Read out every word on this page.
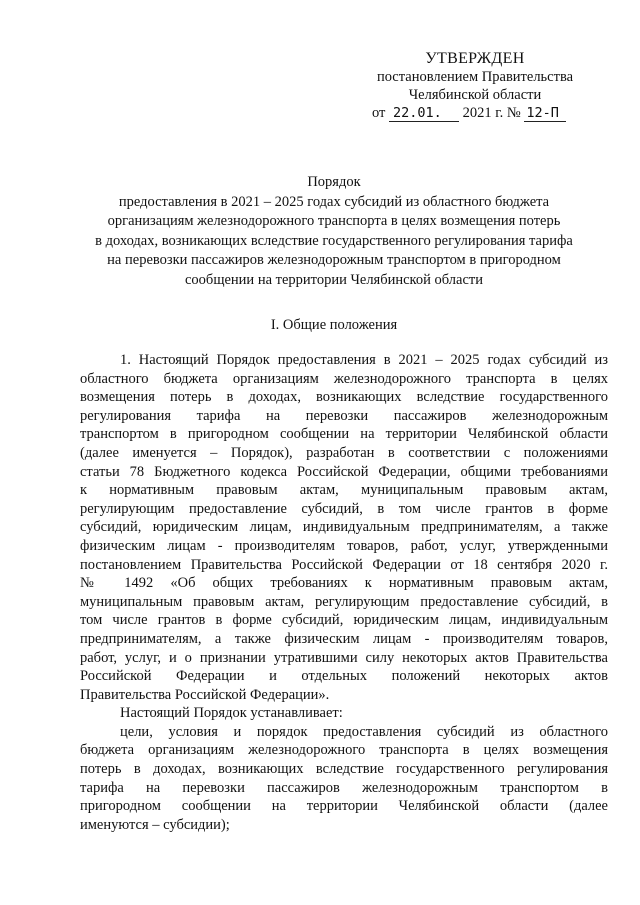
УТВЕРЖДЕН
постановлением Правительства
Челябинской области
от 22.01. 2021 г. № 12-П
Порядок
предоставления в 2021 – 2025 годах субсидий из областного бюджета
организациям железнодорожного транспорта в целях возмещения потерь
в доходах, возникающих вследствие государственного регулирования тарифа
на перевозки пассажиров железнодорожным транспортом в пригородном
сообщении на территории Челябинской области
I. Общие положения
1. Настоящий Порядок предоставления в 2021 – 2025 годах субсидий из
областного бюджета организациям железнодорожного транспорта в целях
возмещения потерь в доходах, возникающих вследствие государственного
регулирования тарифа на перевозки пассажиров железнодорожным
транспортом в пригородном сообщении на территории Челябинской области
(далее именуется – Порядок), разработан в соответствии с положениями
статьи 78 Бюджетного кодекса Российской Федерации, общими требованиями
к нормативным правовым актам, муниципальным правовым актам,
регулирующим предоставление субсидий, в том числе грантов в форме
субсидий, юридическим лицам, индивидуальным предпринимателям, а также
физическим лицам - производителям товаров, работ, услуг, утвержденными
постановлением Правительства Российской Федерации от 18 сентября 2020 г.
№ 1492 «Об общих требованиях к нормативным правовым актам,
муниципальным правовым актам, регулирующим предоставление субсидий, в
том числе грантов в форме субсидий, юридическим лицам, индивидуальным
предпринимателям, а также физическим лицам - производителям товаров,
работ, услуг, и о признании утратившими силу некоторых актов Правительства
Российской Федерации и отдельных положений некоторых актов
Правительства Российской Федерации».
Настоящий Порядок устанавливает:
цели, условия и порядок предоставления субсидий из областного
бюджета организациям железнодорожного транспорта в целях возмещения
потерь в доходах, возникающих вследствие государственного регулирования
тарифа на перевозки пассажиров железнодорожным транспортом в
пригородном сообщении на территории Челябинской области (далее
именуются – субсидии);
